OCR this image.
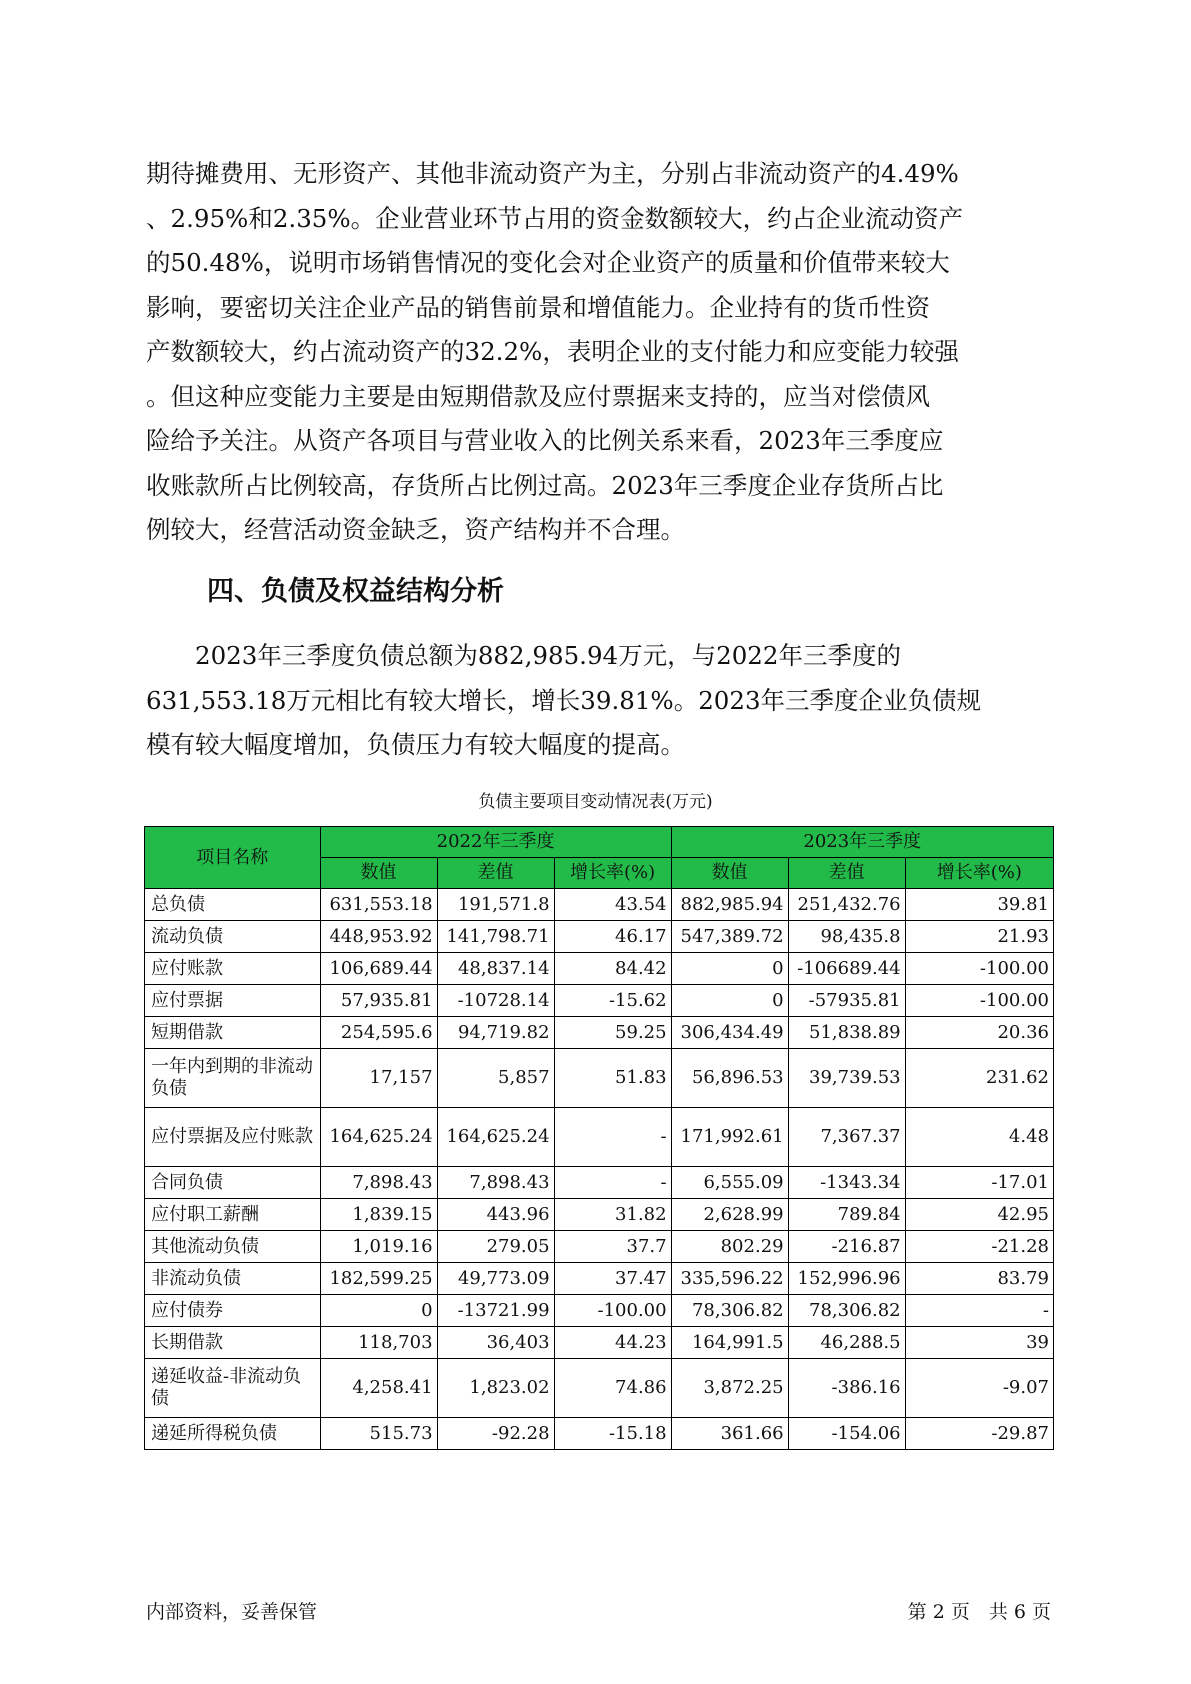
期待摊费用、无形资产、其他非流动资产为主，分别占非流动资产的4.49%
、2.95%和2.35%。企业营业环节占用的资金数额较大，约占企业流动资产
的50.48%，说明市场销售情况的变化会对企业资产的质量和价值带来较大
影响，要密切关注企业产品的销售前景和增值能力。企业持有的货币性资
产数额较大，约占流动资产的32.2%，表明企业的支付能力和应变能力较强
。但这种应变能力主要是由短期借款及应付票据来支持的，应当对偿债风
险给予关注。从资产各项目与营业收入的比例关系来看，2023年三季度应
收账款所占比例较高，存货所占比例过高。2023年三季度企业存货所占比
例较大，经营活动资金缺乏，资产结构并不合理。
四、负债及权益结构分析
　　2023年三季度负债总额为882,985.94万元，与2022年三季度的
631,553.18万元相比有较大增长，增长39.81%。2023年三季度企业负债规
模有较大幅度增加，负债压力有较大幅度的提高。
负债主要项目变动情况表(万元)
项目名称	2022年三季度			2023年三季度		
	数值	差值	增长率(%)	数值	差值	增长率(%)
总负债	631,553.18	191,571.8	43.54	882,985.94	251,432.76	39.81
流动负债	448,953.92	141,798.71	46.17	547,389.72	98,435.8	21.93
应付账款	106,689.44	48,837.14	84.42	0	-106689.44	-100.00
应付票据	57,935.81	-10728.14	-15.62	0	-57935.81	-100.00
短期借款	254,595.6	94,719.82	59.25	306,434.49	51,838.89	20.36
一年内到期的非流动负债	17,157	5,857	51.83	56,896.53	39,739.53	231.62
应付票据及应付账款	164,625.24	164,625.24	-	171,992.61	7,367.37	4.48
合同负债	7,898.43	7,898.43	-	6,555.09	-1343.34	-17.01
应付职工薪酬	1,839.15	443.96	31.82	2,628.99	789.84	42.95
其他流动负债	1,019.16	279.05	37.7	802.29	-216.87	-21.28
非流动负债	182,599.25	49,773.09	37.47	335,596.22	152,996.96	83.79
应付债券	0	-13721.99	-100.00	78,306.82	78,306.82	-
长期借款	118,703	36,403	44.23	164,991.5	46,288.5	39
递延收益-非流动负债	4,258.41	1,823.02	74.86	3,872.25	-386.16	-9.07
递延所得税负债	515.73	-92.28	-15.18	361.66	-154.06	-29.87
内部资料，妥善保管	第 2 页　共 6 页
